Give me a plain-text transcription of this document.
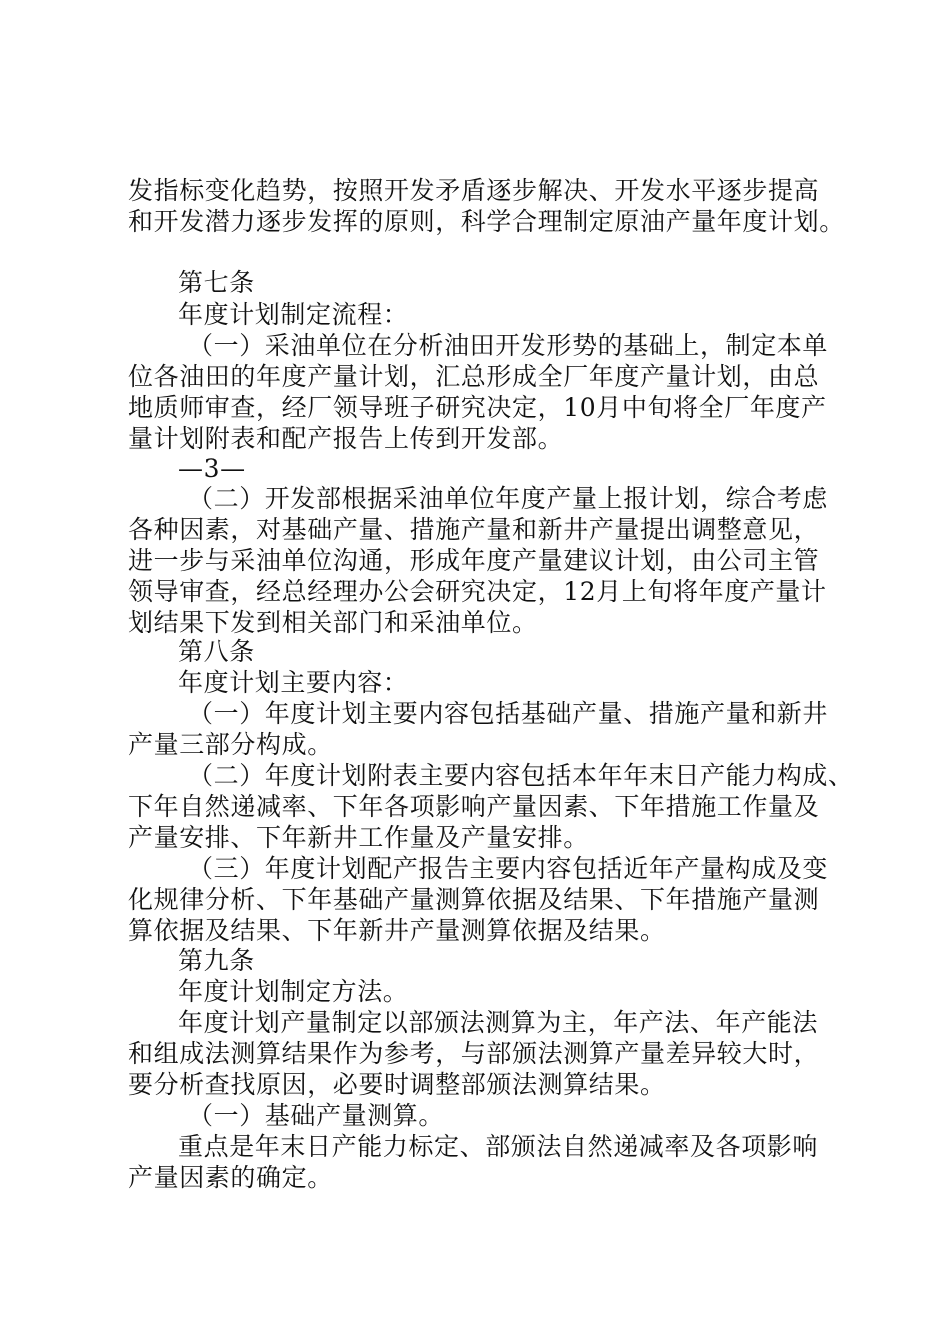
发指标变化趋势，按照开发矛盾逐步解决、开发水平逐步提高
和开发潜力逐步发挥的原则，科学合理制定原油产量年度计划。
第七条
年度计划制定流程：
（一）采油单位在分析油田开发形势的基础上，制定本单
位各油田的年度产量计划，汇总形成全厂年度产量计划，由总
地质师审查，经厂领导班子研究决定，10月中旬将全厂年度产
量计划附表和配产报告上传到开发部。
—3—
（二）开发部根据采油单位年度产量上报计划，综合考虑
各种因素，对基础产量、措施产量和新井产量提出调整意见，
进一步与采油单位沟通，形成年度产量建议计划，由公司主管
领导审查，经总经理办公会研究决定，12月上旬将年度产量计
划结果下发到相关部门和采油单位。
第八条
年度计划主要内容：
（一）年度计划主要内容包括基础产量、措施产量和新井
产量三部分构成。
（二）年度计划附表主要内容包括本年年末日产能力构成、
下年自然递减率、下年各项影响产量因素、下年措施工作量及
产量安排、下年新井工作量及产量安排。
（三）年度计划配产报告主要内容包括近年产量构成及变
化规律分析、下年基础产量测算依据及结果、下年措施产量测
算依据及结果、下年新井产量测算依据及结果。
第九条
年度计划制定方法。
年度计划产量制定以部颁法测算为主，年产法、年产能法
和组成法测算结果作为参考，与部颁法测算产量差异较大时，
要分析查找原因，必要时调整部颁法测算结果。
（一）基础产量测算。
重点是年末日产能力标定、部颁法自然递减率及各项影响
产量因素的确定。
